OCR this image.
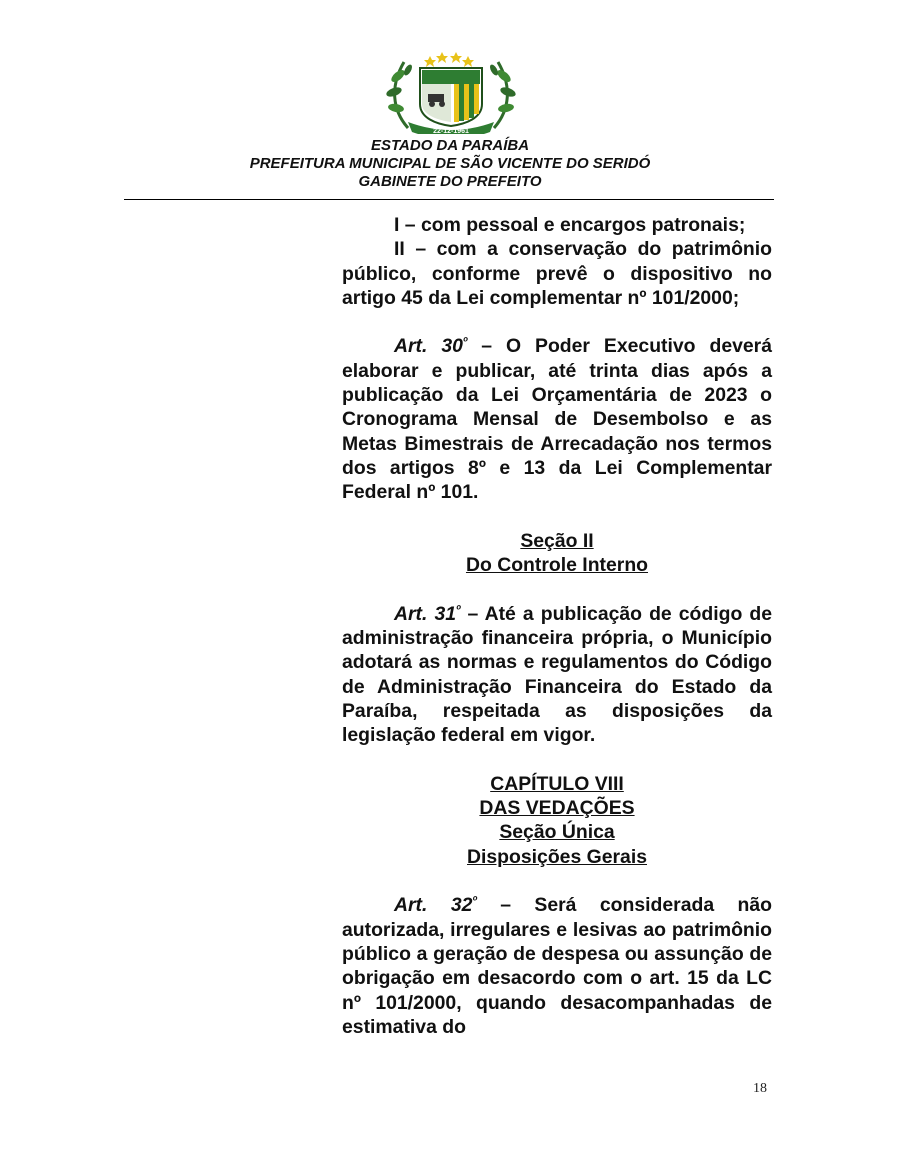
22-12-1961
ESTADO DA PARAÍBA
PREFEITURA MUNICIPAL DE SÃO VICENTE DO SERIDÓ
GABINETE DO PREFEITO

I – com pessoal e encargos patronais;

II – com a conservação do patrimônio público, conforme prevê o dispositivo no artigo 45 da Lei complementar nº 101/2000;

Art. $30^º$ – O Poder Executivo deverá elaborar e publicar, até trinta dias após a publicação da Lei Orçamentária de 2023 o Cronograma Mensal de Desembolso e as Metas Bimestrais de Arrecadação nos termos dos artigos 8º e 13 da Lei Complementar Federal nº 101.

Seção II

Do Controle Interno

Art. $31^º$ – Até a publicação de código de administração financeira própria, o Município adotará as normas e regulamentos do Código de Administração Financeira do Estado da Paraíba, respeitada as disposições da legislação federal em vigor.

CAPÍTULO VIII

DAS VEDAÇÕES

Seção Única

Disposições Gerais

Art. $32^º$ – Será considerada não autorizada, irregulares e lesivas ao patrimônio público a geração de despesa ou assunção de obrigação em desacordo com o art. 15 da LC nº 101/2000, quando desacompanhadas de estimativa do

18
